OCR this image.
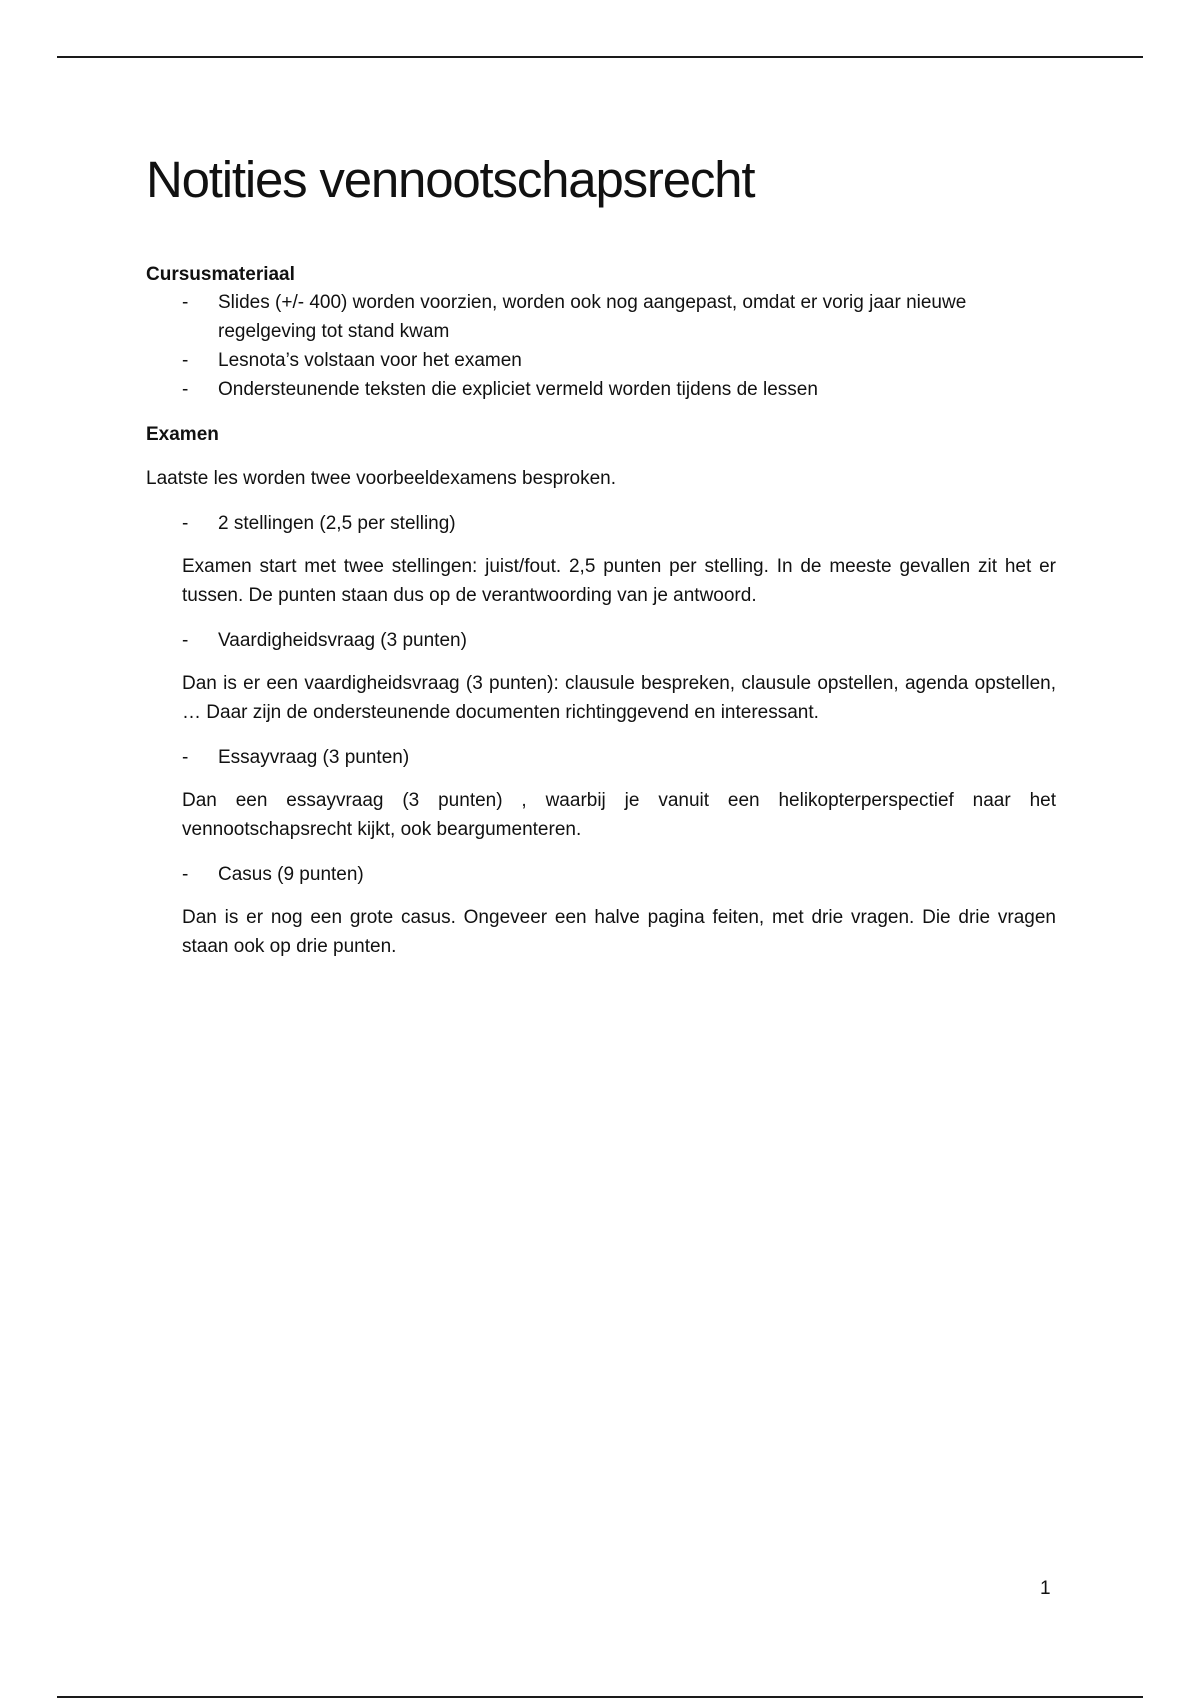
Notities vennootschapsrecht
Cursusmateriaal
- Slides (+/- 400) worden voorzien, worden ook nog aangepast, omdat er vorig jaar nieuwe regelgeving tot stand kwam
- Lesnota’s volstaan voor het examen
- Ondersteunende teksten die expliciet vermeld worden tijdens de lessen
Examen

Laatste les worden twee voorbeeldexamens besproken.

- 2 stellingen (2,5 per stelling)

Examen start met twee stellingen: juist/fout. 2,5 punten per stelling. In de meeste gevallen zit het er tussen. De punten staan dus op de verantwoording van je antwoord.

- Vaardigheidsvraag (3 punten)

Dan is er een vaardigheidsvraag (3 punten): clausule bespreken, clausule opstellen, agenda opstellen, … Daar zijn de ondersteunende documenten richtinggevend en interessant.

- Essayvraag (3 punten)

Dan een essayvraag (3 punten) , waarbij je vanuit een helikopterperspectief naar het vennootschapsrecht kijkt, ook beargumenteren.

- Casus (9 punten)

Dan is er nog een grote casus. Ongeveer een halve pagina feiten, met drie vragen. Die drie vragen staan ook op drie punten.

1
